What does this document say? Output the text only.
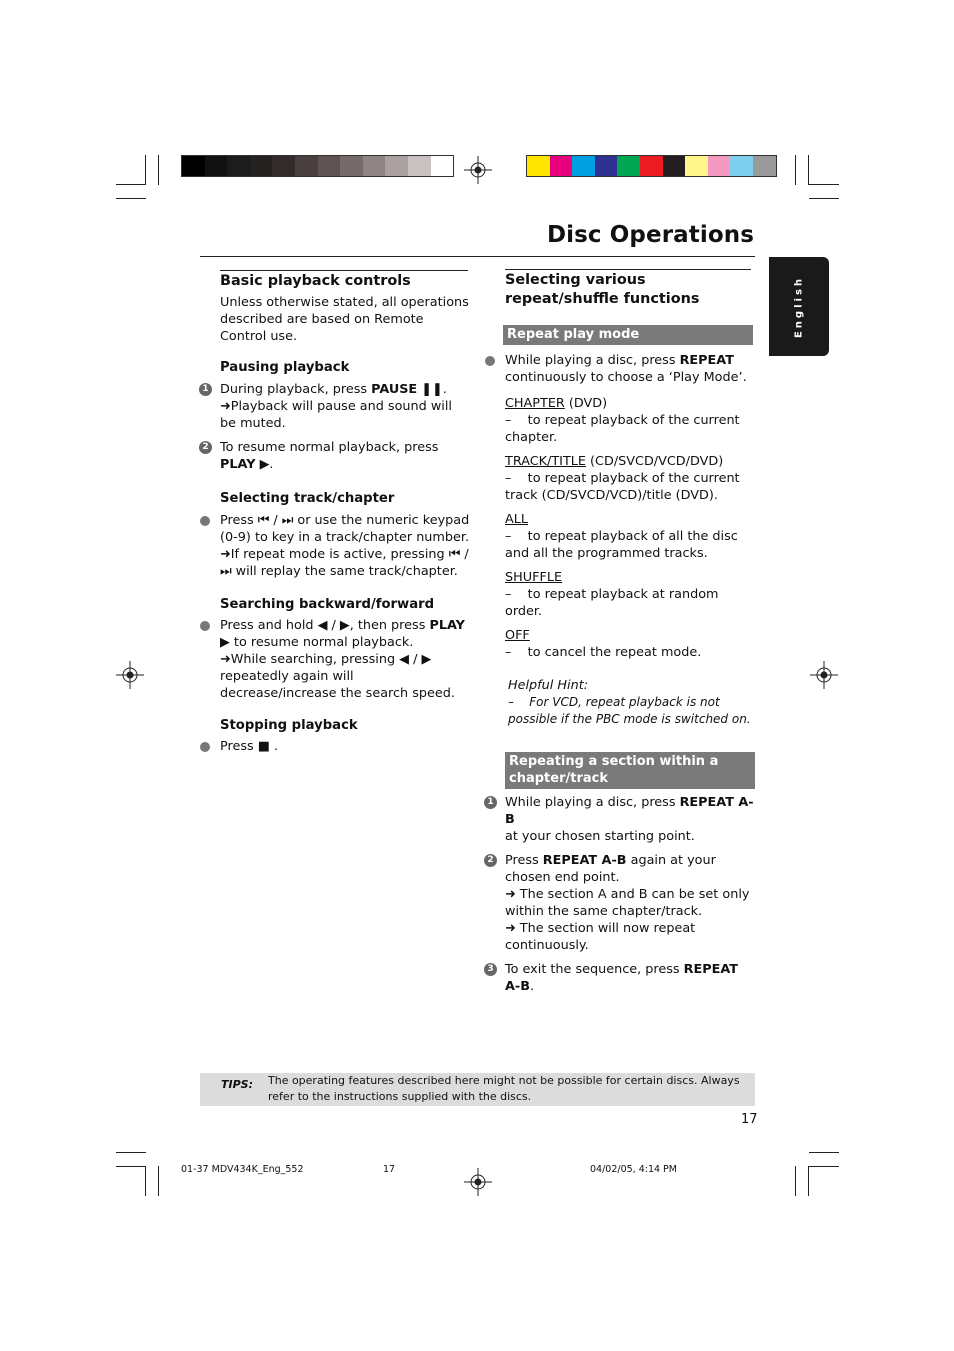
Disc Operations
English
Basic playback controls

Unless otherwise stated, all operations described are based on Remote Control use.

Pausing playback
1 During playback, press PAUSE ❚❚.
➜Playback will pause and sound will be muted.
2 To resume normal playback, press
PLAY ▶.
Selecting track/chapter
Press ⏮ / ⏭ or use the numeric keypad (0-9) to key in a track/chapter number.
➜If repeat mode is active, pressing ⏮ /
⏭ will replay the same track/chapter.
Searching backward/forward
Press and hold ◀ / ▶, then press PLAY
▶ to resume normal playback.
➜While searching, pressing ◀ / ▶ repeatedly again will decrease/increase the search speed.
Stopping playback
Press ■ .
Selecting various repeat/shuffle functions
Repeat play mode
While playing a disc, press REPEAT
continuously to choose a ‘Play Mode’.
CHAPTER (DVD)
–    to repeat playback of the current chapter.
TRACK/TITLE (CD/SVCD/VCD/DVD)
–    to repeat playback of the current track (CD/SVCD/VCD)/title (DVD).
ALL
–    to repeat playback of all the disc and all the programmed tracks.
SHUFFLE
–    to repeat playback at random order.
OFF
–    to cancel the repeat mode.
Helpful Hint:
–    For VCD, repeat playback is not possible if the PBC mode is switched on.
Repeating a section within a chapter/track
1 While playing a disc, press REPEAT A-B
at your chosen starting point.
2 Press REPEAT A-B again at your chosen end point.
➜ The section A and B can be set only within the same chapter/track.
➜ The section will now repeat continuously.
3 To exit the sequence, press REPEAT A-B.
TIPS: The operating features described here might not be possible for certain discs. Always refer to the instructions supplied with the discs.
17
01-37 MDV434K_Eng_552	17	04/02/05, 4:14 PM
